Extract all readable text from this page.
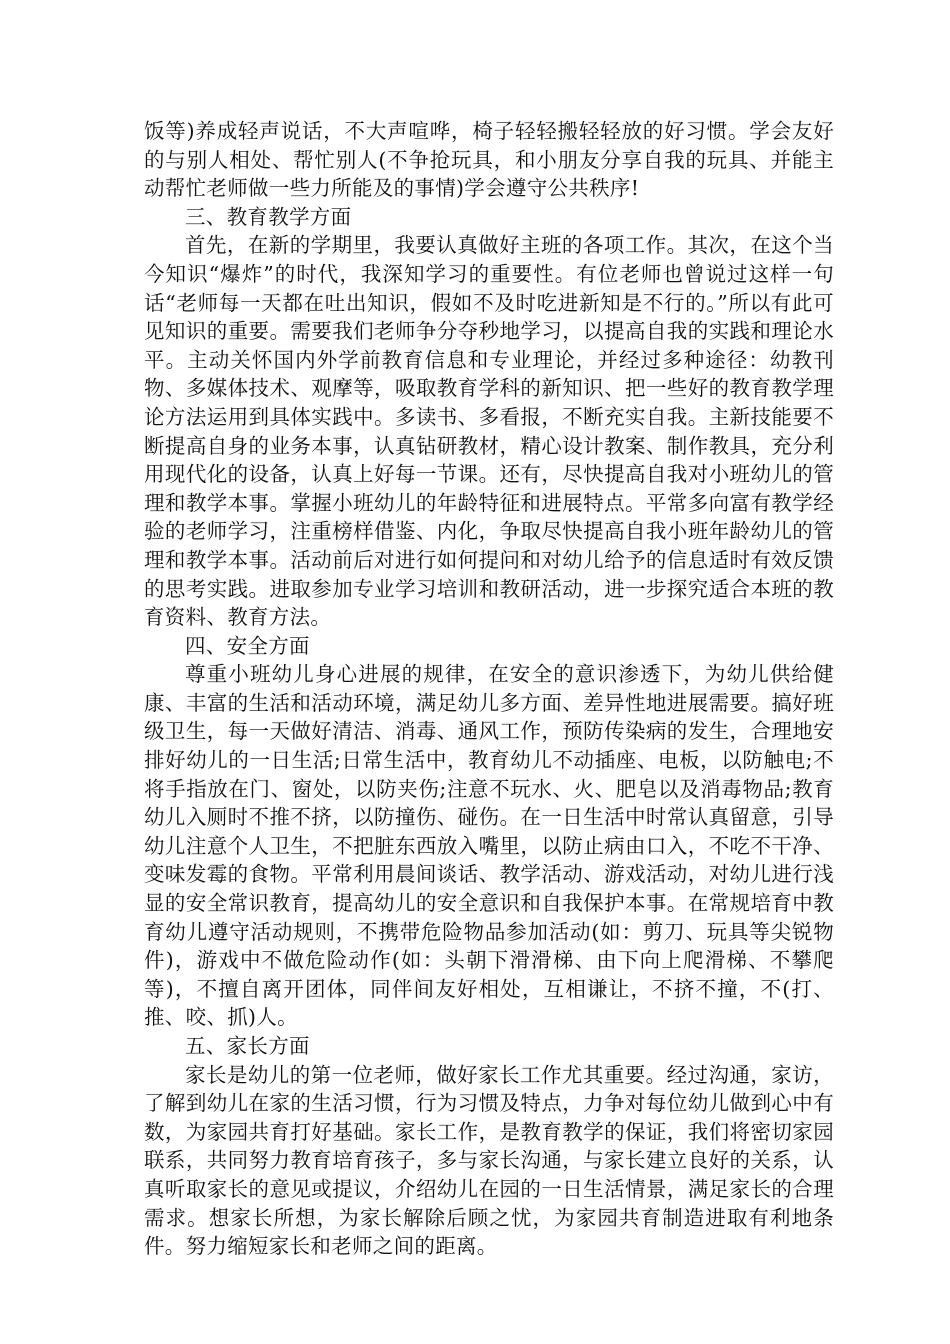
饭等)养成轻声说话，不大声喧哗，椅子轻轻搬轻轻放的好习惯。学会友好的与别人相处、帮忙别人(不争抢玩具，和小朋友分享自我的玩具、并能主动帮忙老师做一些力所能及的事情)学会遵守公共秩序!

三、教育教学方面

首先，在新的学期里，我要认真做好主班的各项工作。其次，在这个当今知识“爆炸”的时代，我深知学习的重要性。有位老师也曾说过这样一句话“老师每一天都在吐出知识，假如不及时吃进新知是不行的。”所以有此可见知识的重要。需要我们老师争分夺秒地学习，以提高自我的实践和理论水平。主动关怀国内外学前教育信息和专业理论，并经过多种途径：幼教刊物、多媒体技术、观摩等，吸取教育学科的新知识、把一些好的教育教学理论方法运用到具体实践中。多读书、多看报，不断充实自我。主新技能要不断提高自身的业务本事，认真钻研教材，精心设计教案、制作教具，充分利用现代化的设备，认真上好每一节课。还有，尽快提高自我对小班幼儿的管理和教学本事。掌握小班幼儿的年龄特征和进展特点。平常多向富有教学经验的老师学习，注重榜样借鉴、内化，争取尽快提高自我小班年龄幼儿的管理和教学本事。活动前后对进行如何提问和对幼儿给予的信息适时有效反馈的思考实践。进取参加专业学习培训和教研活动，进一步探究适合本班的教育资料、教育方法。

四、安全方面

尊重小班幼儿身心进展的规律，在安全的意识渗透下，为幼儿供给健康、丰富的生活和活动环境，满足幼儿多方面、差异性地进展需要。搞好班级卫生，每一天做好清洁、消毒、通风工作，预防传染病的发生，合理地安排好幼儿的一日生活;日常生活中，教育幼儿不动插座、电板，以防触电;不将手指放在门、窗处，以防夹伤;注意不玩水、火、肥皂以及消毒物品;教育幼儿入厕时不推不挤，以防撞伤、碰伤。在一日生活中时常认真留意，引导幼儿注意个人卫生，不把脏东西放入嘴里，以防止病由口入，不吃不干净、变味发霉的食物。平常利用晨间谈话、教学活动、游戏活动，对幼儿进行浅显的安全常识教育，提高幼儿的安全意识和自我保护本事。在常规培育中教育幼儿遵守活动规则，不携带危险物品参加活动(如：剪刀、玩具等尖锐物件)，游戏中不做危险动作(如：头朝下滑滑梯、由下向上爬滑梯、不攀爬等)，不擅自离开团体，同伴间友好相处，互相谦让，不挤不撞，不(打、推、咬、抓)人。

五、家长方面

家长是幼儿的第一位老师，做好家长工作尤其重要。经过沟通，家访，了解到幼儿在家的生活习惯，行为习惯及特点，力争对每位幼儿做到心中有数，为家园共育打好基础。家长工作，是教育教学的保证，我们将密切家园联系，共同努力教育培育孩子，多与家长沟通，与家长建立良好的关系，认真听取家长的意见或提议，介绍幼儿在园的一日生活情景，满足家长的合理需求。想家长所想，为家长解除后顾之忧，为家园共育制造进取有利地条件。努力缩短家长和老师之间的距离。
